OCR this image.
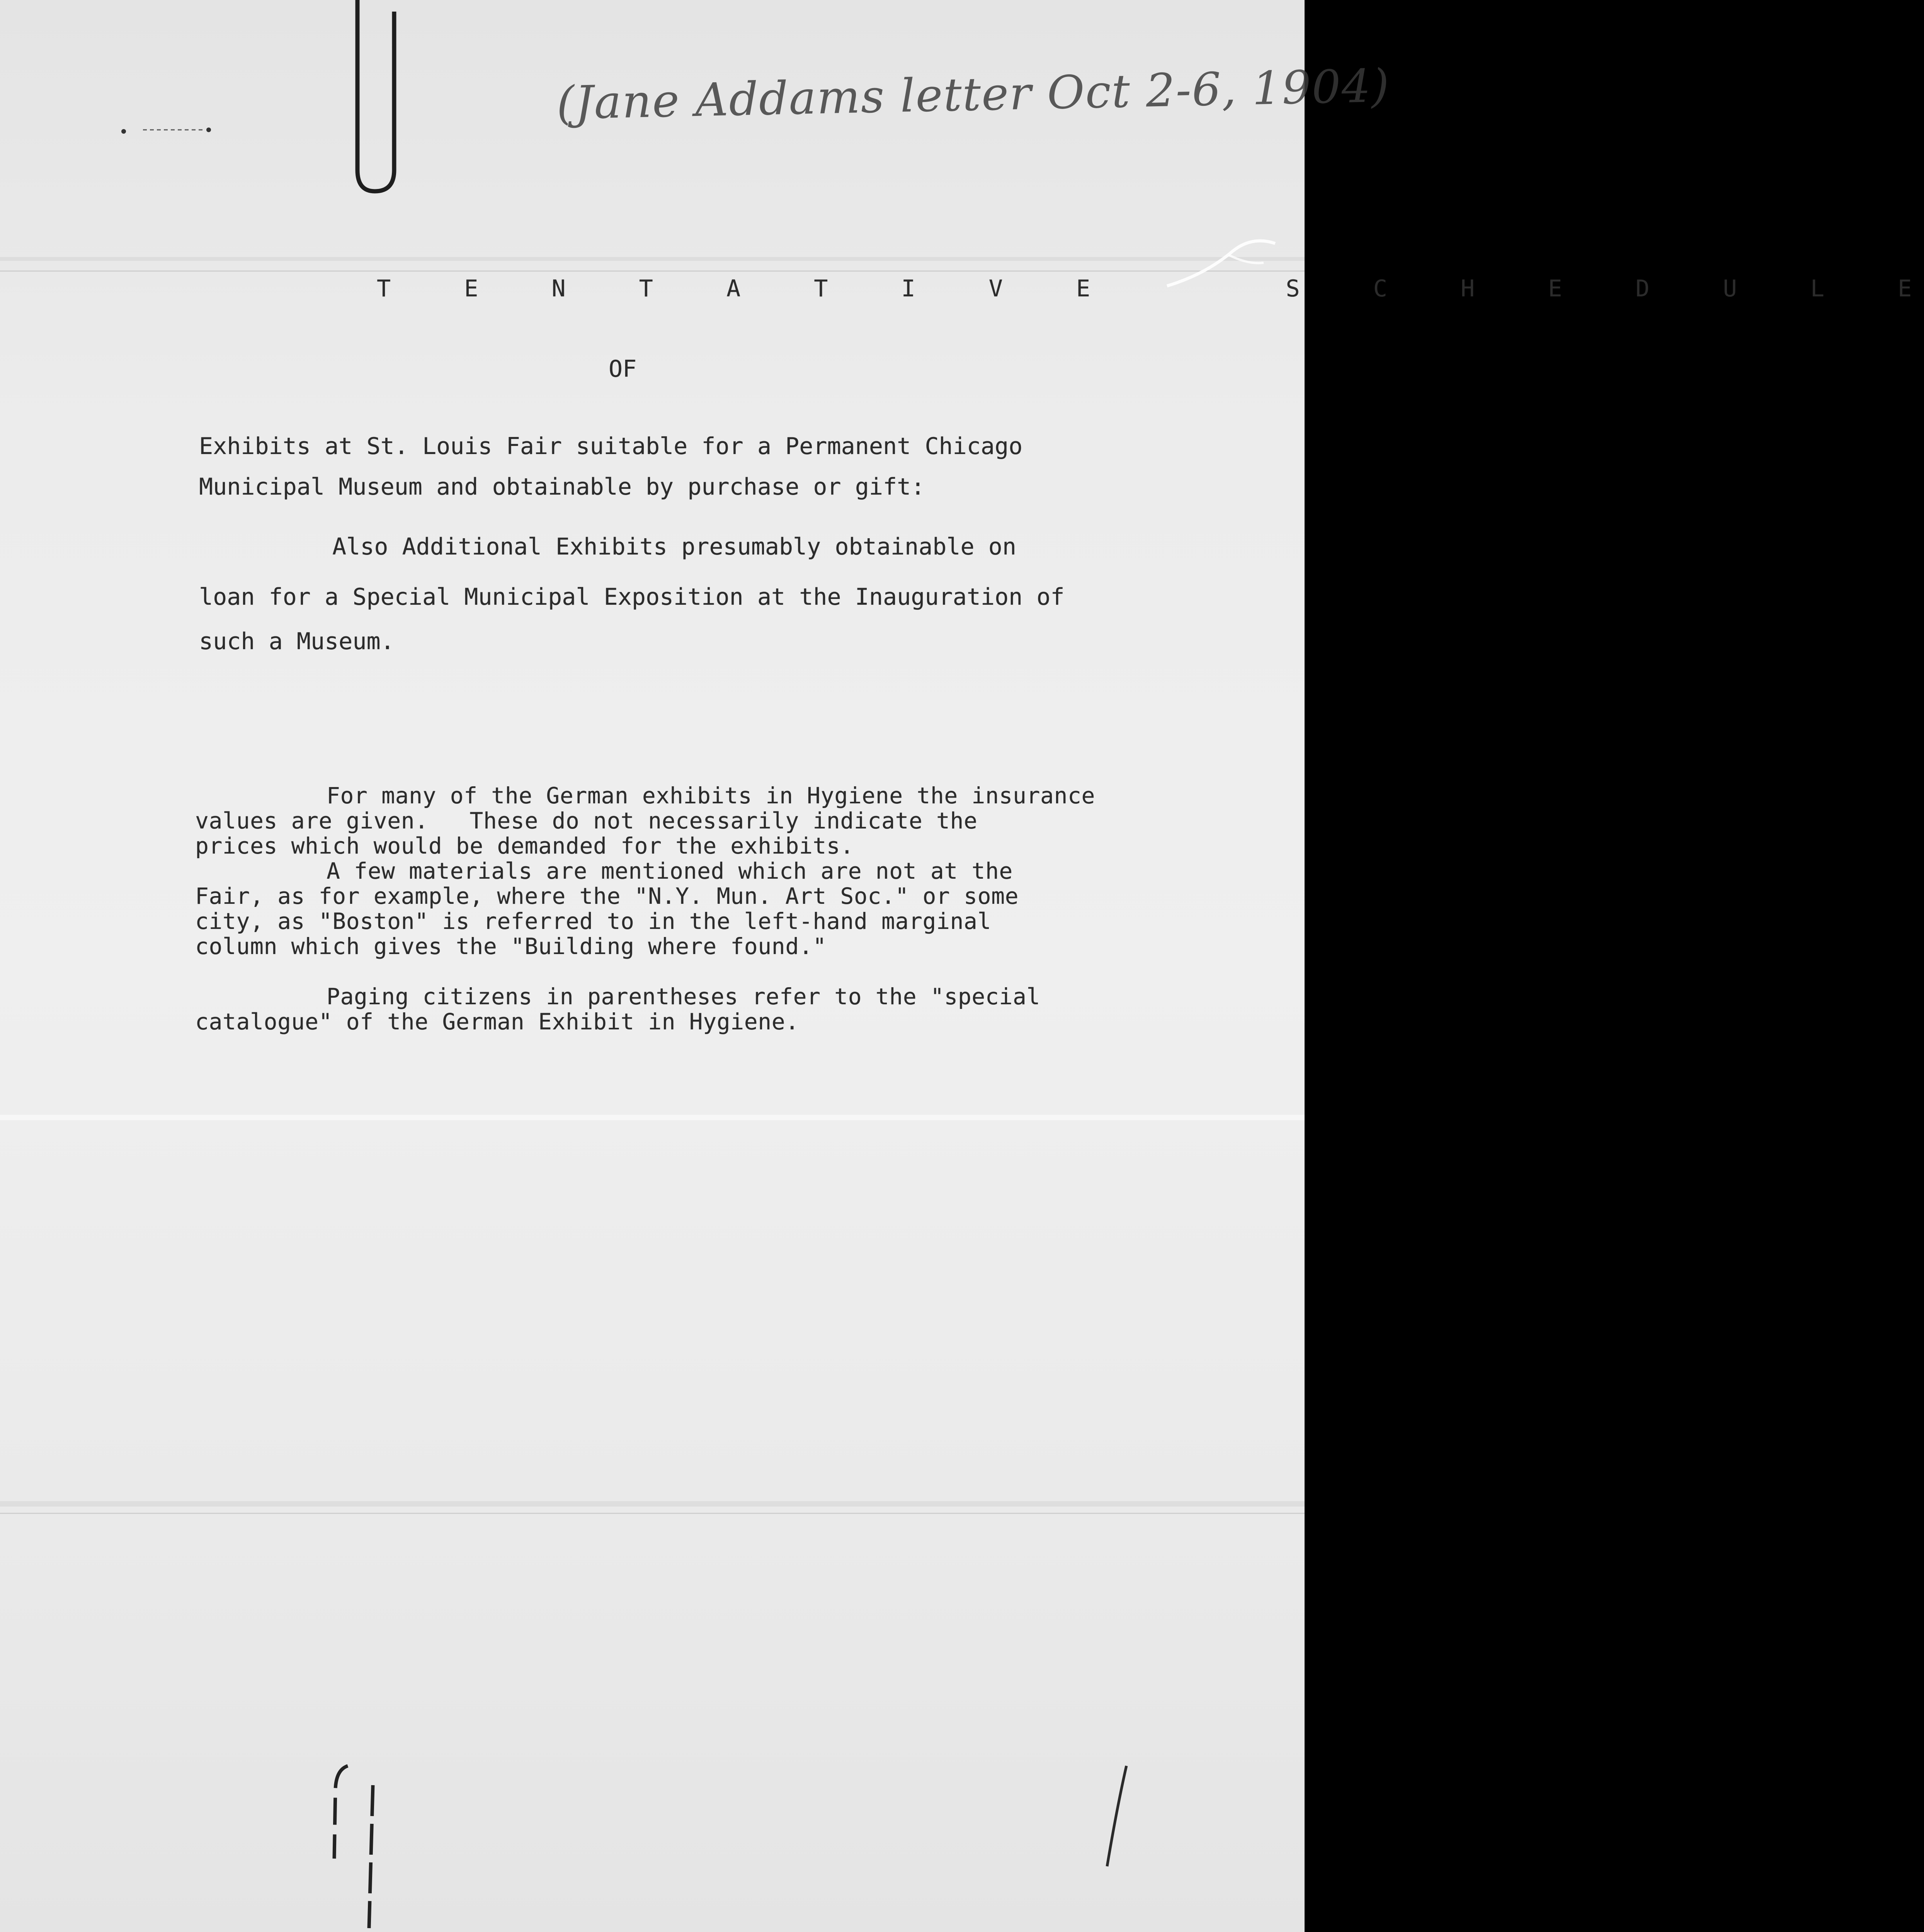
(Jane Addams letter Oct 2-6, 1904)
T E N T A T I V E   S C H E D U L E
OF
Exhibits at St. Louis Fair suitable for a Permanent Chicago
Municipal Museum and obtainable by purchase or gift:
Also Additional Exhibits presumably obtainable on
loan for a Special Municipal Exposition at the Inauguration of
such a Museum.
For many of the German exhibits in Hygiene the insurance
values are given.   These do not necessarily indicate the
prices which would be demanded for the exhibits.
A few materials are mentioned which are not at the
Fair, as for example, where the "N.Y. Mun. Art Soc." or some
city, as "Boston" is referred to in the left-hand marginal
column which gives the "Building where found."
Paging citizens in parentheses refer to the "special
catalogue" of the German Exhibit in Hygiene.
